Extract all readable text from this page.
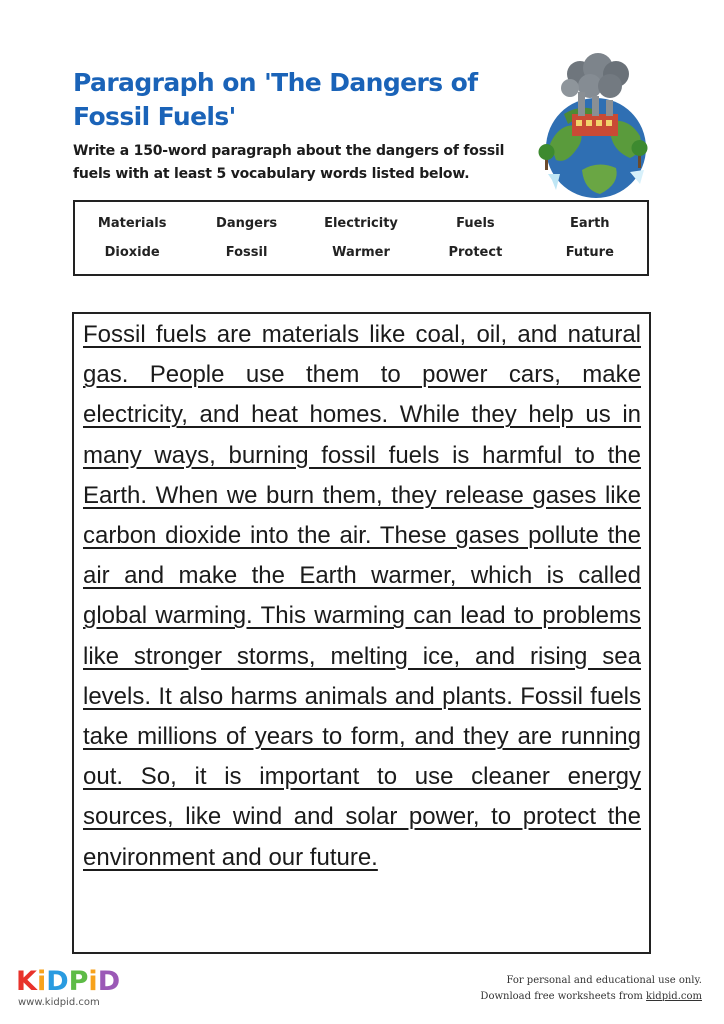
Paragraph on 'The Dangers of Fossil Fuels'
Write a 150-word paragraph about the dangers of fossil fuels with at least 5 vocabulary words listed below.
Materials	Dangers	Electricity	Fuels	Earth
Dioxide	Fossil	Warmer	Protect	Future

Fossil fuels are materials like coal, oil, and natural gas. People use them to power cars, make electricity, and heat homes. While they help us in many ways, burning fossil fuels is harmful to the Earth. When we burn them, they release gases like carbon dioxide into the air. These gases pollute the air and make the Earth warmer, which is called global warming. This warming can lead to problems like stronger storms, melting ice, and rising sea levels. It also harms animals and plants. Fossil fuels take millions of years to form, and they are running out. So, it is important to use cleaner energy sources, like wind and solar power, to protect the environment and our future.

KiDPiD
www.kidpid.com
For personal and educational use only.
Download free worksheets from kidpid.com
